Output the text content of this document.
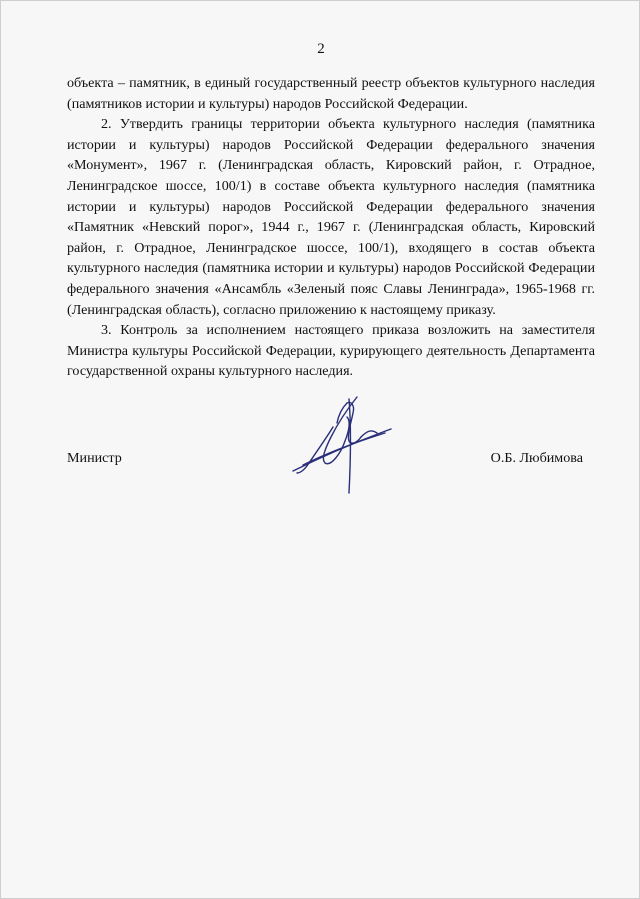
2

объекта – памятник, в единый государственный реестр объектов культурного наследия (памятников истории и культуры) народов Российской Федерации.

2. Утвердить границы территории объекта культурного наследия (памятника истории и культуры) народов Российской Федерации федерального значения «Монумент», 1967 г. (Ленинградская область, Кировский район, г. Отрадное, Ленинградское шоссе, 100/1) в составе объекта культурного наследия (памятника истории и культуры) народов Российской Федерации федерального значения «Памятник «Невский порог», 1944 г., 1967 г. (Ленинградская область, Кировский район, г. Отрадное, Ленинградское шоссе, 100/1), входящего в состав объекта культурного наследия (памятника истории и культуры) народов Российской Федерации федерального значения «Ансамбль «Зеленый пояс Славы Ленинграда», 1965-1968 гг. (Ленинградская область), согласно приложению к настоящему приказу.

3. Контроль за исполнением настоящего приказа возложить на заместителя Министра культуры Российской Федерации, курирующего деятельность Департамента государственной охраны культурного наследия.

Министр	О.Б. Любимова
